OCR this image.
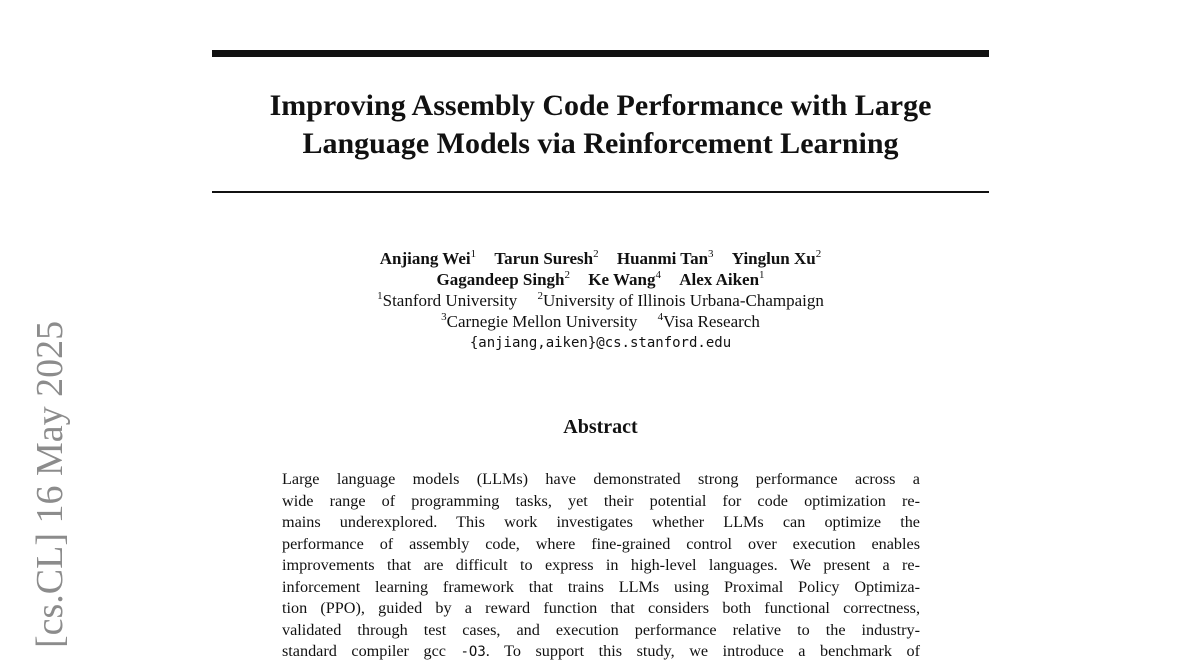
Improving Assembly Code Performance with Large
Language Models via Reinforcement Learning
Anjiang Wei$^1$ Tarun Suresh$^2$ Huanmi Tan$^3$ Yinglun Xu$^2$
Gagandeep Singh$^2$ Ke Wang$^4$ Alex Aiken$^1$
$^1$Stanford University $^2$University of Illinois Urbana-Champaign
$^3$Carnegie Mellon University $^4$Visa Research
{anjiang,aiken}@cs.stanford.edu
Abstract
Large language models (LLMs) have demonstrated strong performance across a
wide range of programming tasks, yet their potential for code optimization re-
mains underexplored. This work investigates whether LLMs can optimize the
performance of assembly code, where fine-grained control over execution enables
improvements that are difficult to express in high-level languages. We present a re-
inforcement learning framework that trains LLMs using Proximal Policy Optimiza-
tion (PPO), guided by a reward function that considers both functional correctness,
validated through test cases, and execution performance relative to the industry-
standard compiler gcc -O3. To support this study, we introduce a benchmark of
[cs.CL] 16 May 2025
